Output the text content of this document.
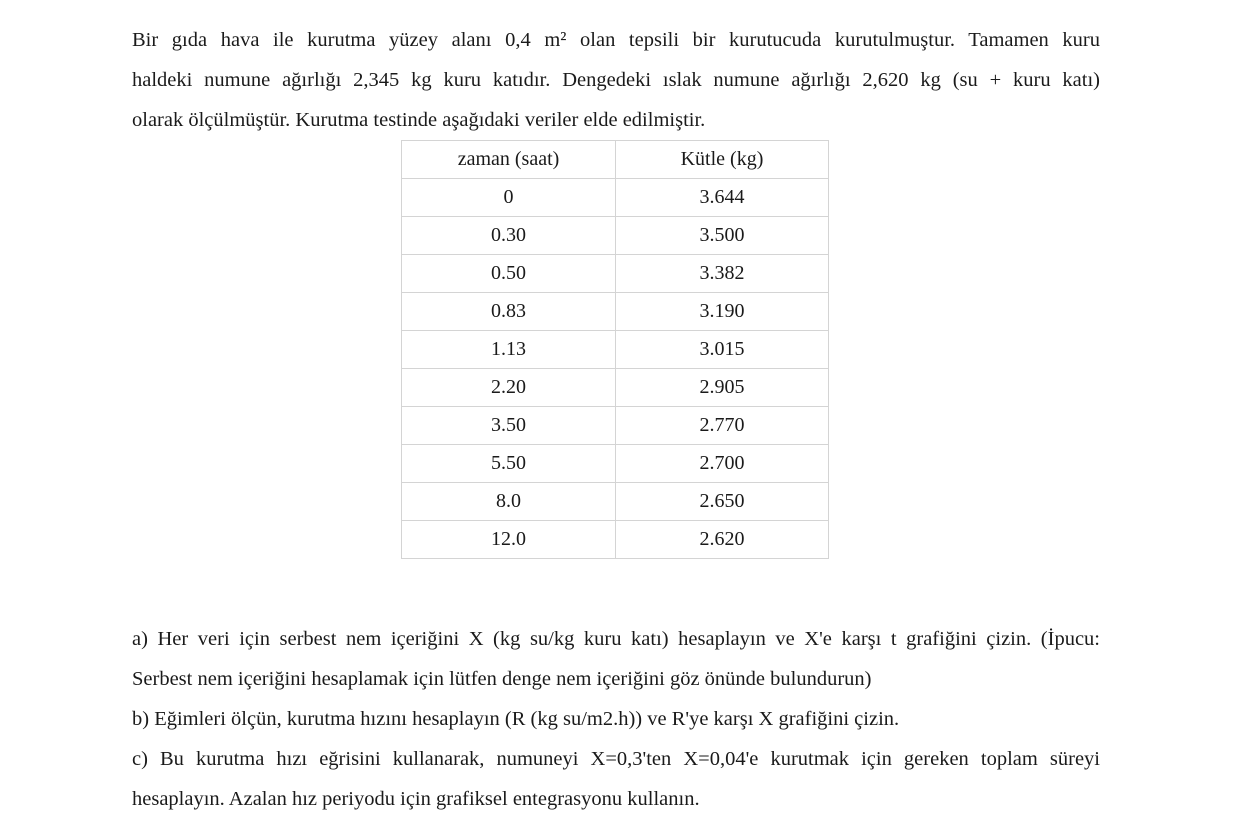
Bir gıda hava ile kurutma yüzey alanı 0,4 m² olan tepsili bir kurutucuda kurutulmuştur. Tamamen kuru
haldeki numune ağırlığı 2,345 kg kuru katıdır. Dengedeki ıslak numune ağırlığı 2,620 kg (su + kuru katı)
olarak ölçülmüştür. Kurutma testinde aşağıdaki veriler elde edilmiştir.

zaman (saat)	Kütle (kg)
0	3.644
0.30	3.500
0.50	3.382
0.83	3.190
1.13	3.015
2.20	2.905
3.50	2.770
5.50	2.700
8.0	2.650
12.0	2.620

a) Her veri için serbest nem içeriğini X (kg su/kg kuru katı) hesaplayın ve X'e karşı t grafiğini çizin. (İpucu:
Serbest nem içeriğini hesaplamak için lütfen denge nem içeriğini göz önünde bulundurun)
b) Eğimleri ölçün, kurutma hızını hesaplayın (R (kg su/m2.h)) ve R'ye karşı X grafiğini çizin.
c) Bu kurutma hızı eğrisini kullanarak, numuneyi X=0,3'ten X=0,04'e kurutmak için gereken toplam süreyi
hesaplayın. Azalan hız periyodu için grafiksel entegrasyonu kullanın.
